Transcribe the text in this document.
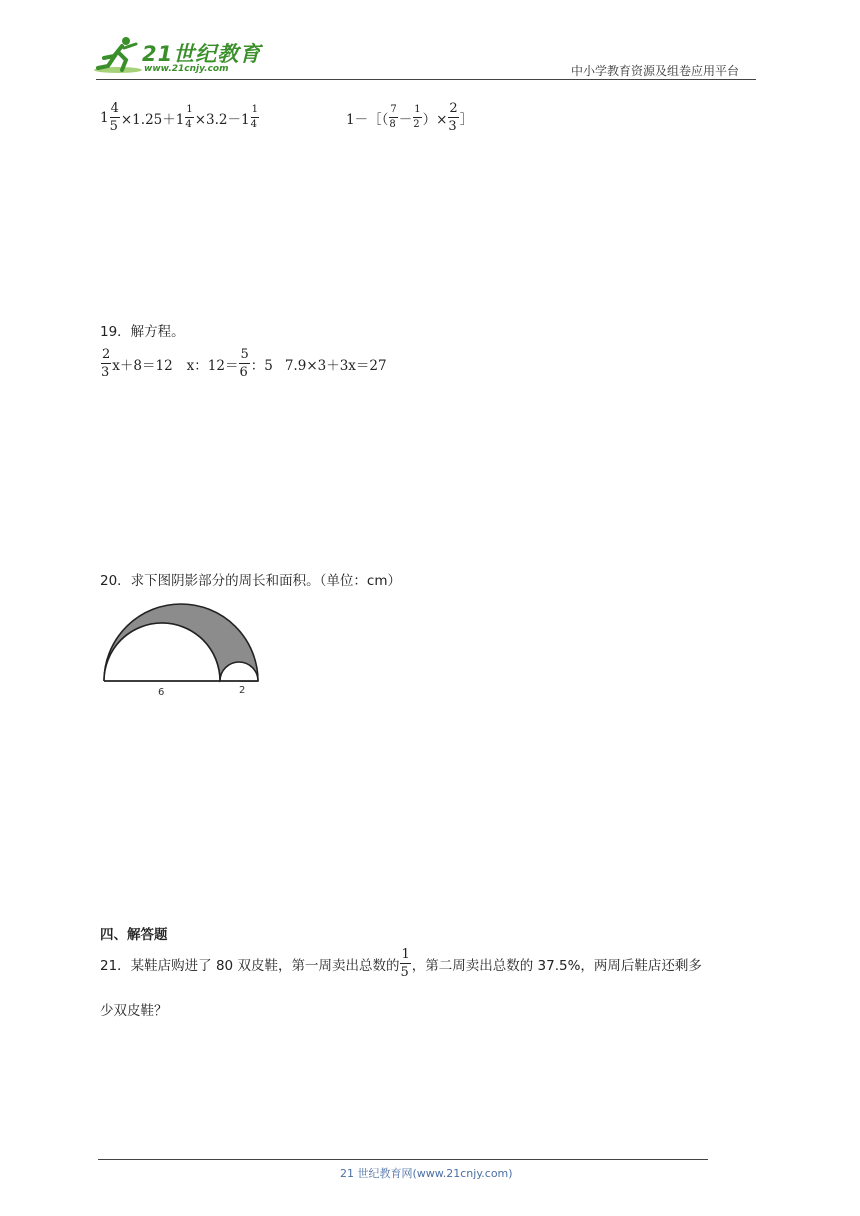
21世纪教育
www.21cnjy.com	中小学教育资源及组卷应用平台
$1 \frac{4}{5} \times 1.25+1 \frac{1}{4} \times 3.2-1 \frac{1}{4}$	1－［（ $\frac{7}{8} - \frac{1}{2}$ ）× $\frac{2}{3}$ ］
19．解方程。
$\frac{2}{3} x+8=12$ x：$12= \frac{5}{6}$ ：5 7.9×3＋3x＝27
20．求下图阴影部分的周长和面积。（单位：cm）
6	2
四、解答题
21．某鞋店购进了 80 双皮鞋，第一周卖出总数的 $\frac{1}{5}$ ，第二周卖出总数的 37.5%，两周后鞋店还剩多
少双皮鞋？
21 世纪教育网(www.21cnjy.com)
